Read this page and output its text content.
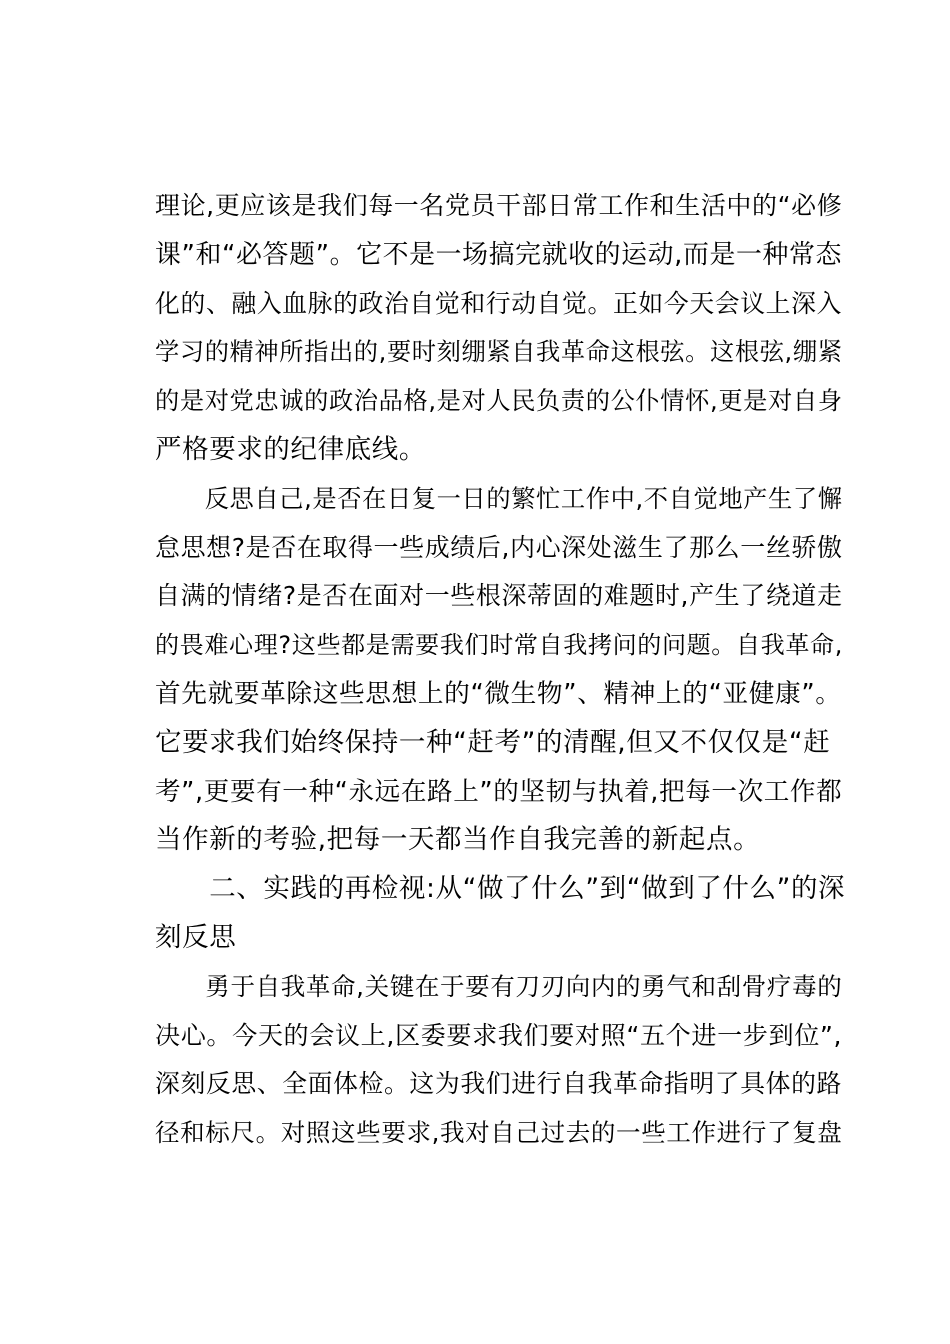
理论,更应该是我们每一名党员干部日常工作和生活中的“必修
课”和“必答题”。它不是一场搞完就收的运动,而是一种常态
化的、融入血脉的政治自觉和行动自觉。正如今天会议上深入
学习的精神所指出的,要时刻绷紧自我革命这根弦。这根弦,绷紧
的是对党忠诚的政治品格,是对人民负责的公仆情怀,更是对自身
严格要求的纪律底线。
　　反思自己,是否在日复一日的繁忙工作中,不自觉地产生了懈
怠思想?是否在取得一些成绩后,内心深处滋生了那么一丝骄傲
自满的情绪?是否在面对一些根深蒂固的难题时,产生了绕道走
的畏难心理?这些都是需要我们时常自我拷问的问题。自我革命,
首先就要革除这些思想上的“微生物”、精神上的“亚健康”。
它要求我们始终保持一种“赶考”的清醒,但又不仅仅是“赶
考”,更要有一种“永远在路上”的坚韧与执着,把每一次工作都
当作新的考验,把每一天都当作自我完善的新起点。
　　二、实践的再检视:从“做了什么”到“做到了什么”的深
刻反思
　　勇于自我革命,关键在于要有刀刃向内的勇气和刮骨疗毒的
决心。今天的会议上,区委要求我们要对照“五个进一步到位”,
深刻反思、全面体检。这为我们进行自我革命指明了具体的路
径和标尺。对照这些要求,我对自己过去的一些工作进行了复盘
